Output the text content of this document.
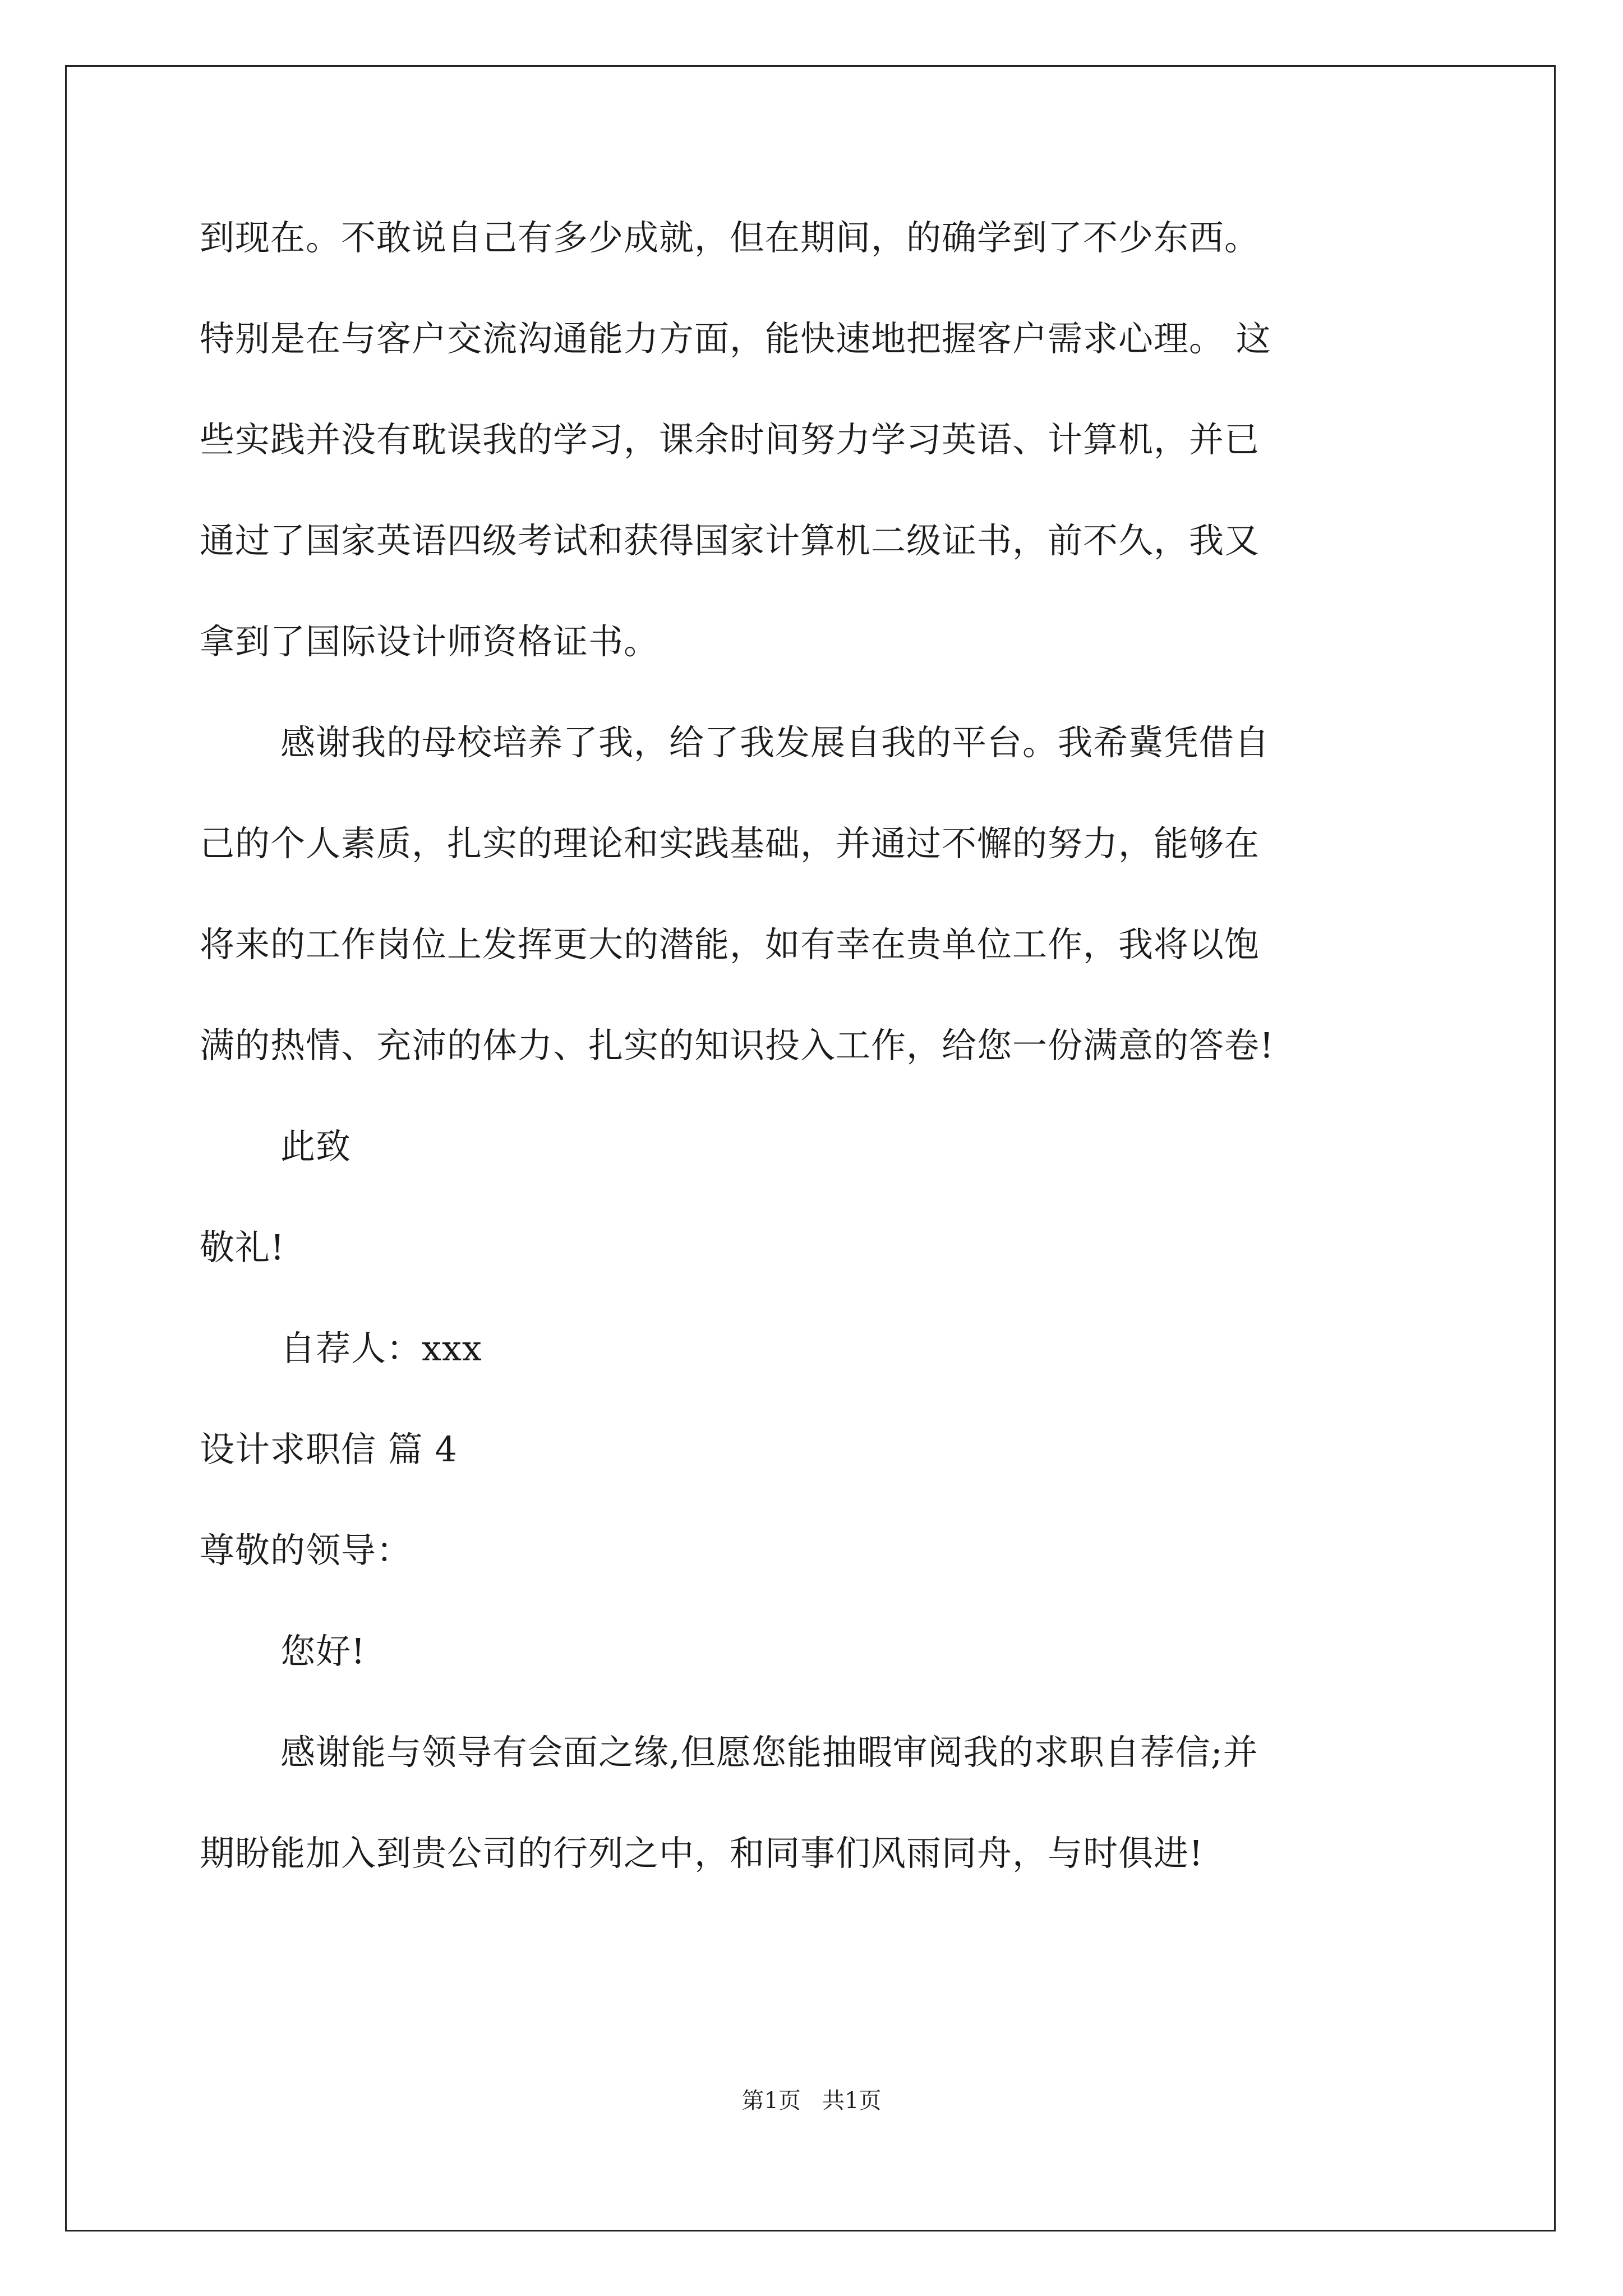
到现在。不敢说自己有多少成就，但在期间，的确学到了不少东西。
特别是在与客户交流沟通能力方面，能快速地把握客户需求心理。 这
些实践并没有耽误我的学习，课余时间努力学习英语、计算机，并已
通过了国家英语四级考试和获得国家计算机二级证书，前不久，我又
拿到了国际设计师资格证书。
感谢我的母校培养了我，给了我发展自我的平台。我希冀凭借自
己的个人素质，扎实的理论和实践基础，并通过不懈的努力，能够在
将来的工作岗位上发挥更大的潜能，如有幸在贵单位工作，我将以饱
满的热情、充沛的体力、扎实的知识投入工作，给您一份满意的答卷!
此致
敬礼!
自荐人：xxx
设计求职信 篇 4
尊敬的领导：
您好!
感谢能与领导有会面之缘,但愿您能抽暇审阅我的求职自荐信;并
期盼能加入到贵公司的行列之中，和同事们风雨同舟，与时俱进!
第1页   共1页
